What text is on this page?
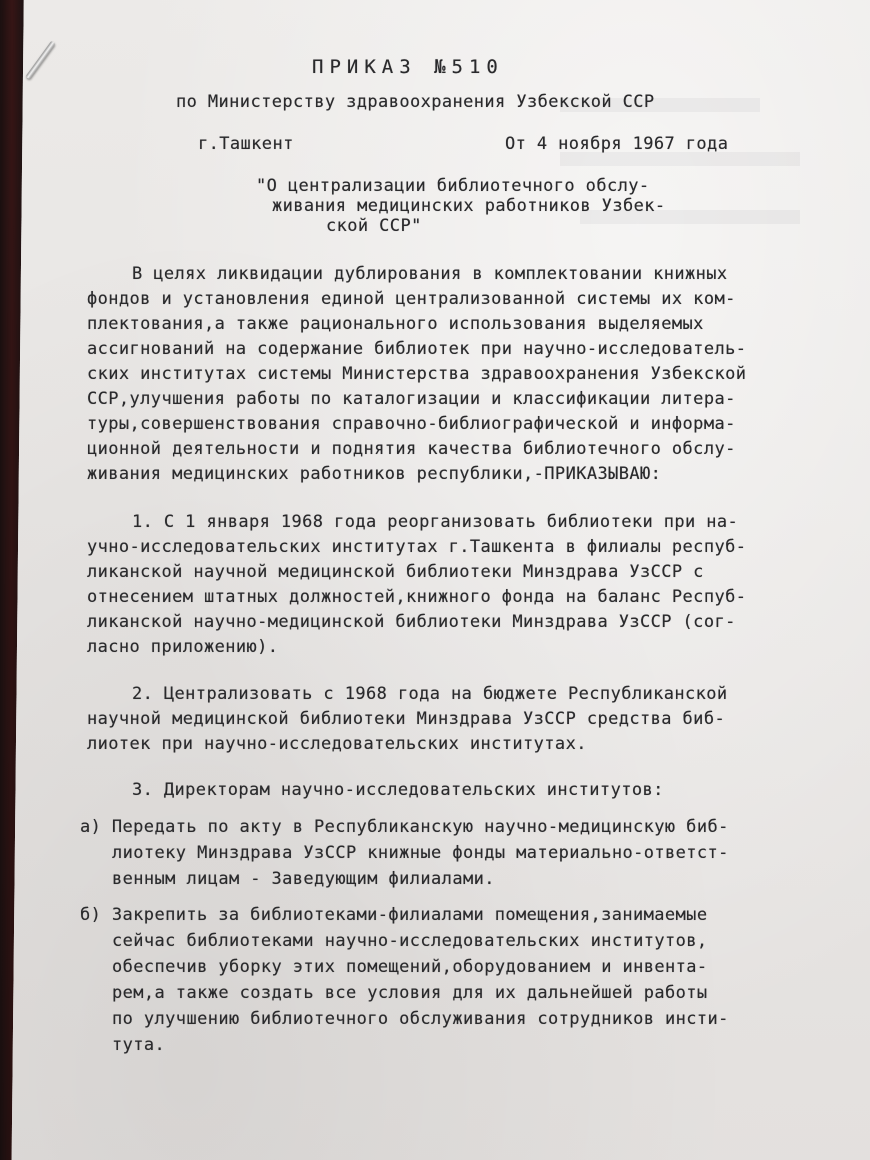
ПРИКАЗ №510
по Министерству здравоохранения Узбекской ССР
г.Ташкент	От 4 ноября 1967 года
"О централизации библиотечного обслу-
живания медицинских работников Узбек-
ской ССР"
В целях ликвидации дублирования в комплектовании книжных
фондов и установления единой централизованной системы их ком-
плектования,а также рационального использования выделяемых
ассигнований на содержание библиотек при научно-исследователь-
ских институтах системы Министерства здравоохранения Узбекской
ССР,улучшения работы по каталогизации и классификации литера-
туры,совершенствования справочно-библиографической и информа-
ционной деятельности и поднятия качества библиотечного обслу-
живания медицинских работников республики,-ПРИКАЗЫВАЮ:
1. С 1 января 1968 года реорганизовать библиотеки при на-
учно-исследовательских институтах г.Ташкента в филиалы респуб-
ликанской научной медицинской библиотеки Минздрава УзССР с
отнесением штатных должностей,книжного фонда на баланс Респуб-
ликанской научно-медицинской библиотеки Минздрава УзССР (сог-
ласно приложению).
2. Централизовать с 1968 года на бюджете Республиканской
научной медицинской библиотеки Минздрава УзССР средства биб-
лиотек при научно-исследовательских институтах.
3. Директорам научно-исследовательских институтов:
а) Передать по акту в Республиканскую научно-медицинскую биб-
лиотеку Минздрава УзССР книжные фонды материально-ответст-
венным лицам - Заведующим филиалами.
б) Закрепить за библиотеками-филиалами помещения,занимаемые
сейчас библиотеками научно-исследовательских институтов,
обеспечив уборку этих помещений,оборудованием и инвента-
рем,а также создать все условия для их дальнейшей работы
по улучшению библиотечного обслуживания сотрудников инсти-
тута.
